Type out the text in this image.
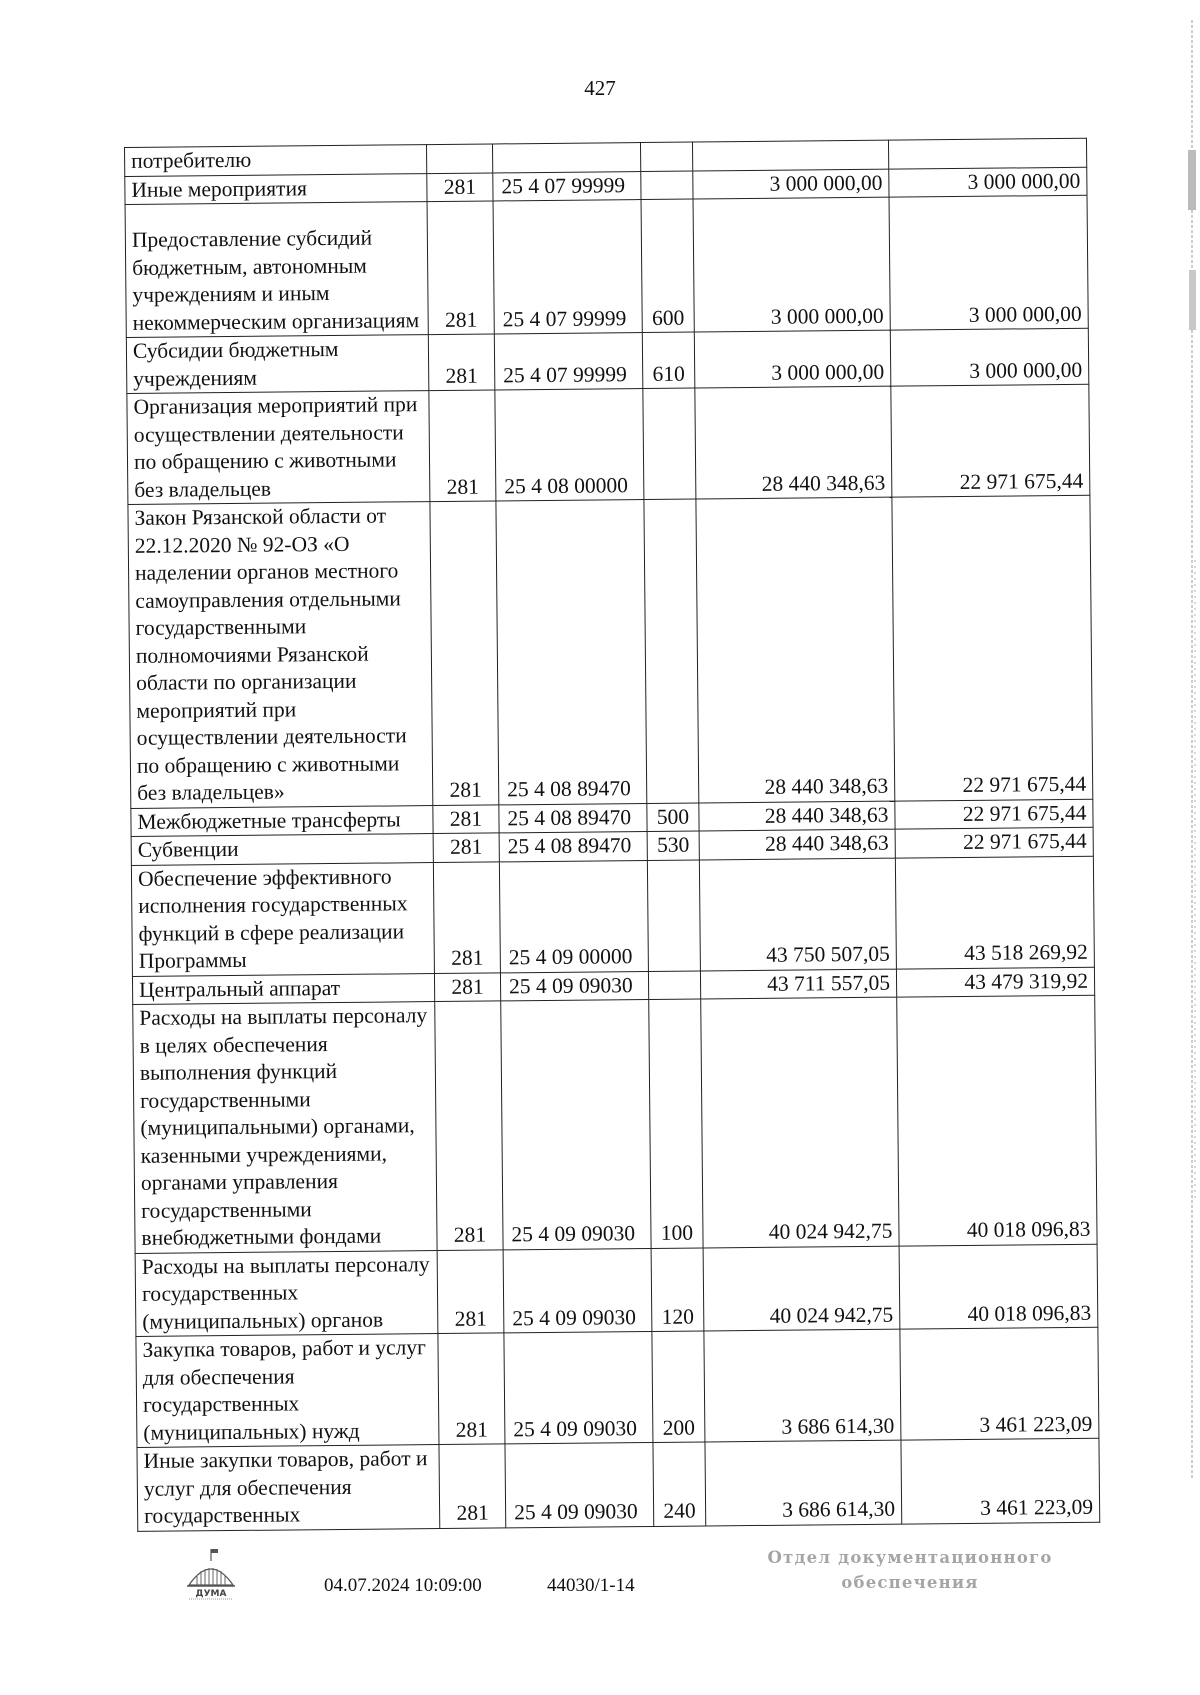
427
потребителю					
Иные мероприятия	281	25 4 07 99999		3 000 000,00	3 000 000,00
Предоставление субсидий бюджетным, автономным учреждениям и иным некоммерческим организациям	281	25 4 07 99999	600	3 000 000,00	3 000 000,00
Субсидии бюджетным учреждениям	281	25 4 07 99999	610	3 000 000,00	3 000 000,00
Организация мероприятий при осуществлении деятельности по обращению с животными без владельцев	281	25 4 08 00000		28 440 348,63	22 971 675,44
Закон Рязанской области от 22.12.2020 № 92-ОЗ «О наделении органов местного самоуправления отдельными государственными полномочиями Рязанской области по организации мероприятий при осуществлении деятельности по обращению с животными без владельцев»	281	25 4 08 89470		28 440 348,63	22 971 675,44
Межбюджетные трансферты	281	25 4 08 89470	500	28 440 348,63	22 971 675,44
Субвенции	281	25 4 08 89470	530	28 440 348,63	22 971 675,44
Обеспечение эффективного исполнения государственных функций в сфере реализации Программы	281	25 4 09 00000		43 750 507,05	43 518 269,92
Центральный аппарат	281	25 4 09 09030		43 711 557,05	43 479 319,92
Расходы на выплаты персоналу в целях обеспечения выполнения функций государственными (муниципальными) органами, казенными учреждениями, органами управления государственными внебюджетными фондами	281	25 4 09 09030	100	40 024 942,75	40 018 096,83
Расходы на выплаты персоналу государственных (муниципальных) органов	281	25 4 09 09030	120	40 024 942,75	40 018 096,83
Закупка товаров, работ и услуг для обеспечения государственных (муниципальных) нужд	281	25 4 09 09030	200	3 686 614,30	3 461 223,09
Иные закупки товаров, работ и услуг для обеспечения государственных	281	25 4 09 09030	240	3 686 614,30	3 461 223,09
ДУМА	04.07.2024 10:09:00	44030/1-14
Отдел документационного
обеспечения
